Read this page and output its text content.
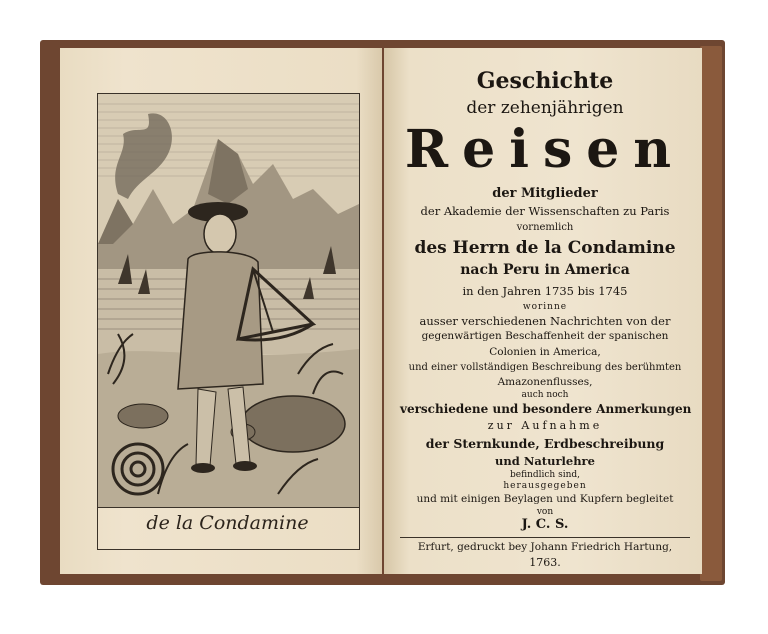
de la Condamine
Geschichte
der zehenjährigen
Reisen
der Mitglieder
der Akademie der Wissenschaften zu Paris
vornemlich
des Herrn de la Condamine
nach Peru in America
in den Jahren 1735 bis 1745
worinne
ausser verschiedenen Nachrichten von der
gegenwärtigen Beschaffenheit der spanischen
Colonien in America,
und einer vollständigen Beschreibung des berühmten
Amazonenflusses,
auch noch
verschiedene und besondere Anmerkungen
zur Aufnahme
der Sternkunde, Erdbeschreibung
und Naturlehre
befindlich sind,
herausgegeben
und mit einigen Beylagen und Kupfern begleitet
von
J. C. S.
Erfurt, gedruckt bey Johann Friedrich Hartung,
1763.
